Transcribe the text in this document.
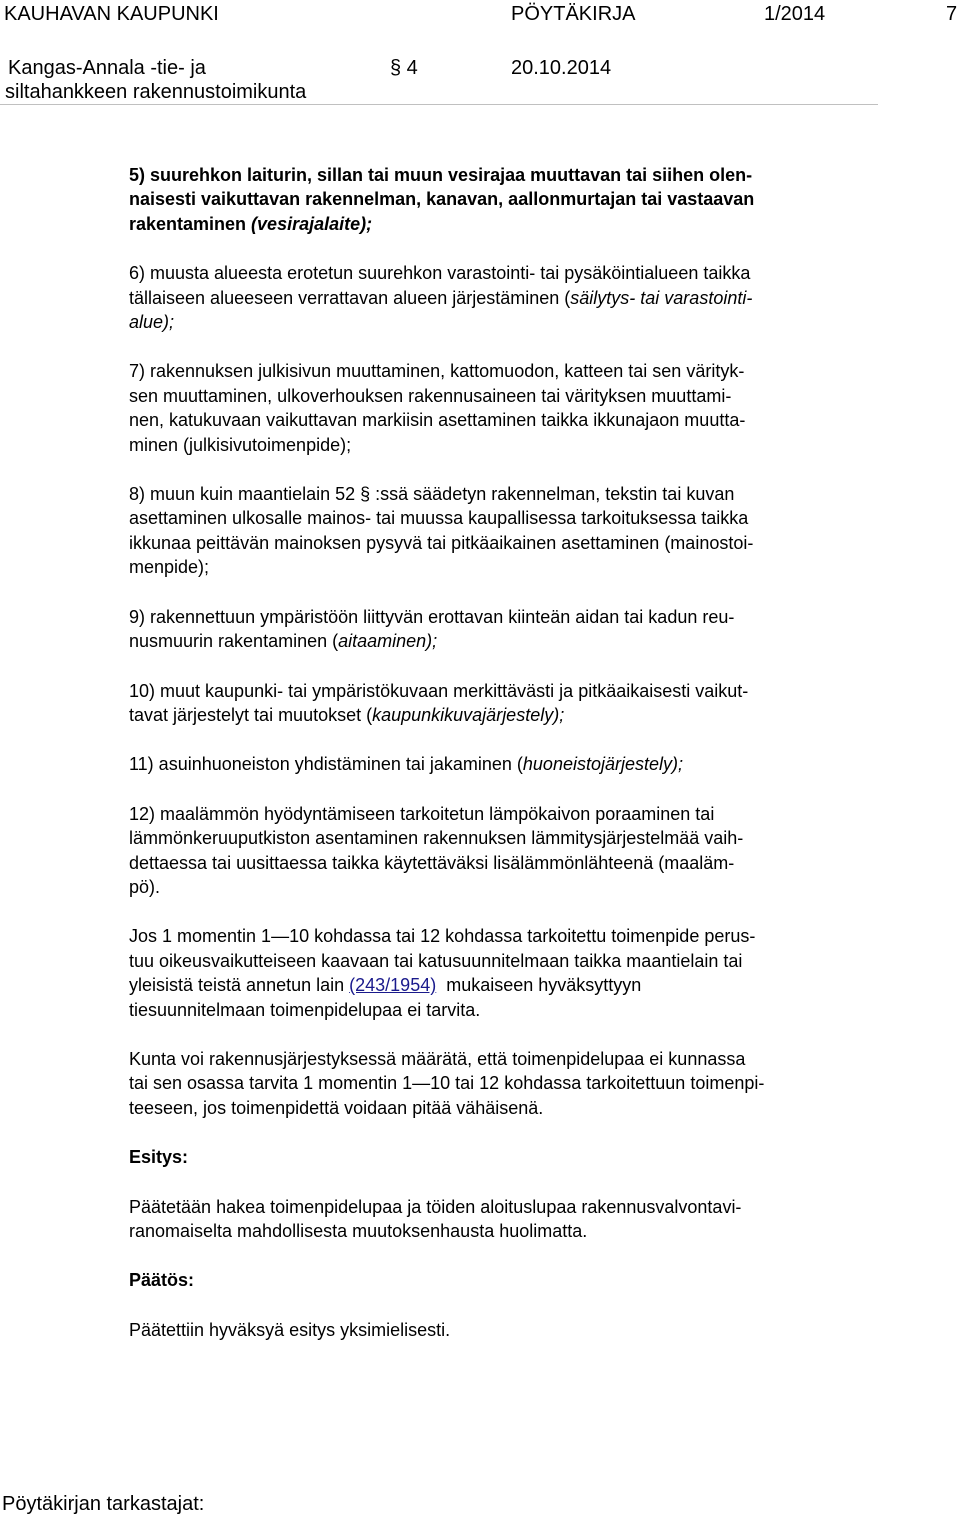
KAUHAVAN KAUPUNKI	PÖYTÄKIRJA	1/2014	7
Kangas-Annala -tie- ja
siltahankkeen rakennustoimikunta
§ 4	20.10.2014

5) suurehkon laiturin, sillan tai muun vesirajaa muuttavan tai siihen olen-
naisesti vaikuttavan rakennelman, kanavan, aallonmurtajan tai vastaavan
rakentaminen (vesirajalaite);

6) muusta alueesta erotetun suurehkon varastointi- tai pysäköintialueen taikka
tällaiseen alueeseen verrattavan alueen järjestäminen (säilytys- tai varastointi-
alue);

7) rakennuksen julkisivun muuttaminen, kattomuodon, katteen tai sen värityk-
sen muuttaminen, ulkoverhouksen rakennusaineen tai värityksen muuttami-
nen, katukuvaan vaikuttavan markiisin asettaminen taikka ikkunajaon muutta-
minen (julkisivutoimenpide);

8) muun kuin maantielain 52 § :ssä säädetyn rakennelman, tekstin tai kuvan
asettaminen ulkosalle mainos- tai muussa kaupallisessa tarkoituksessa taikka
ikkunaa peittävän mainoksen pysyvä tai pitkäaikainen asettaminen (mainostoi-
menpide);

9) rakennettuun ympäristöön liittyvän erottavan kiinteän aidan tai kadun reu-
nusmuurin rakentaminen (aitaaminen);

10) muut kaupunki- tai ympäristökuvaan merkittävästi ja pitkäaikaisesti vaikut-
tavat järjestelyt tai muutokset (kaupunkikuvajärjestely);

11) asuinhuoneiston yhdistäminen tai jakaminen (huoneistojärjestely);

12) maalämmön hyödyntämiseen tarkoitetun lämpökaivon poraaminen tai
lämmönkeruuputkiston asentaminen rakennuksen lämmitysjärjestelmää vaih-
dettaessa tai uusittaessa taikka käytettäväksi lisälämmönlähteenä (maaläm-
pö).

Jos 1 momentin 1—10 kohdassa tai 12 kohdassa tarkoitettu toimenpide perus-
tuu oikeusvaikutteiseen kaavaan tai katusuunnitelmaan taikka maantielain tai
yleisistä teistä annetun lain (243/1954)  mukaiseen hyväksyttyyn
tiesuunnitelmaan toimenpidelupaa ei tarvita.

Kunta voi rakennusjärjestyksessä määrätä, että toimenpidelupaa ei kunnassa
tai sen osassa tarvita 1 momentin 1—10 tai 12 kohdassa tarkoitettuun toimenpi-
teeseen, jos toimenpidettä voidaan pitää vähäisenä.

Esitys:

Päätetään hakea toimenpidelupaa ja töiden aloituslupaa rakennusvalvontavi-
ranomaiselta mahdollisesta muutoksenhausta huolimatta.

Päätös:

Päätettiin hyväksyä esitys yksimielisesti.

Pöytäkirjan tarkastajat:
